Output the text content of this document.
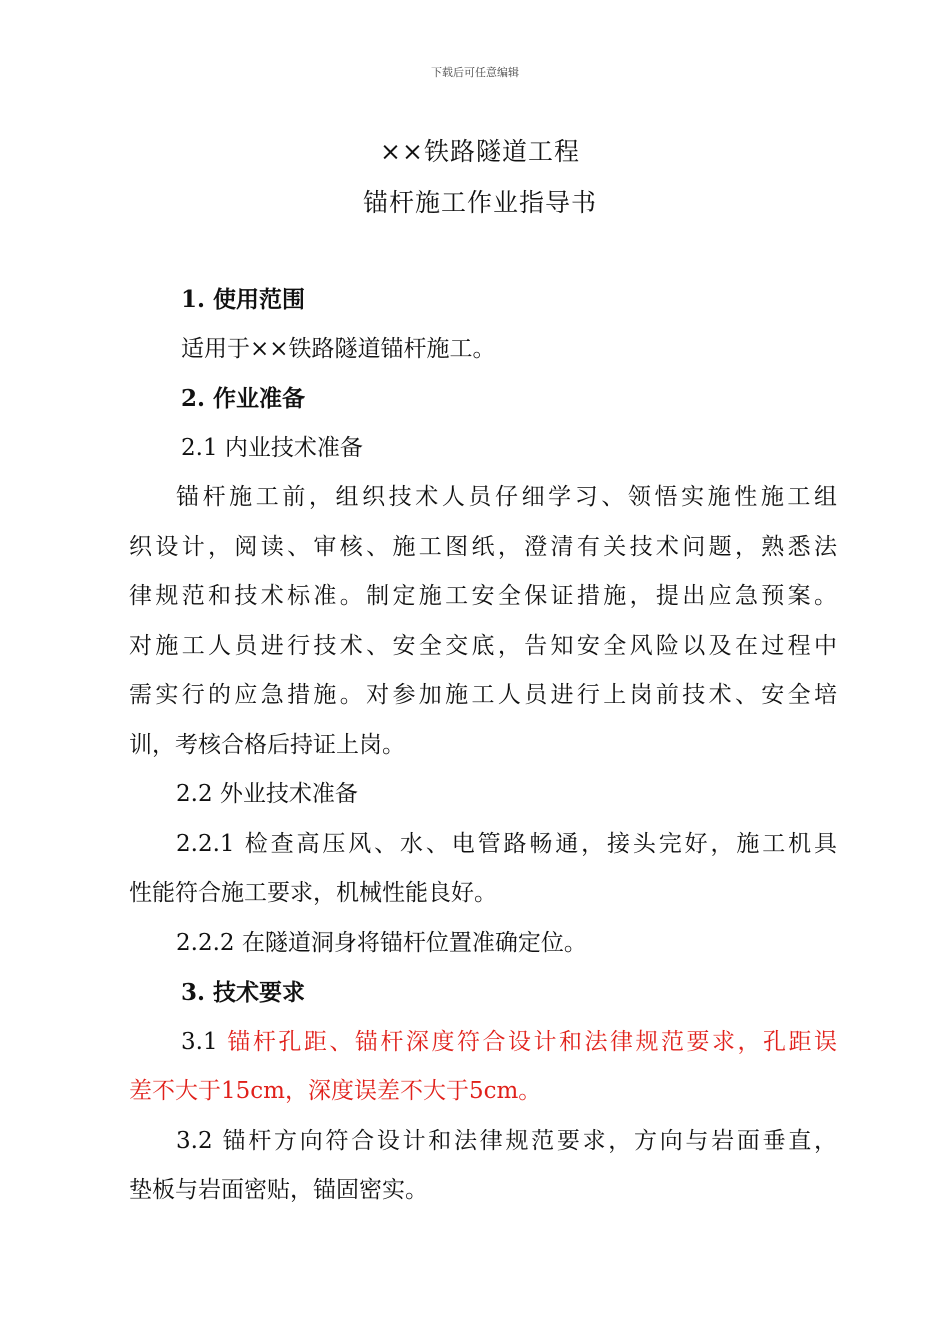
下载后可任意编辑
××铁路隧道工程
锚杆施工作业指导书
1. 使用范围
适用于××铁路隧道锚杆施工。
2. 作业准备
2.1 内业技术准备
锚杆施工前，组织技术人员仔细学习、领悟实施性施工组
织设计，阅读、审核、施工图纸，澄清有关技术问题，熟悉法
律规范和技术标准。制定施工安全保证措施，提出应急预案。
对施工人员进行技术、安全交底，告知安全风险以及在过程中
需实行的应急措施。对参加施工人员进行上岗前技术、安全培
训，考核合格后持证上岗。
2.2 外业技术准备
2.2.1 检查高压风、水、电管路畅通，接头完好，施工机具
性能符合施工要求，机械性能良好。
2.2.2 在隧道洞身将锚杆位置准确定位。
3. 技术要求
3.1 锚杆孔距、锚杆深度符合设计和法律规范要求，孔距误
差不大于15cm，深度误差不大于5cm。
3.2 锚杆方向符合设计和法律规范要求，方向与岩面垂直，
垫板与岩面密贴，锚固密实。
